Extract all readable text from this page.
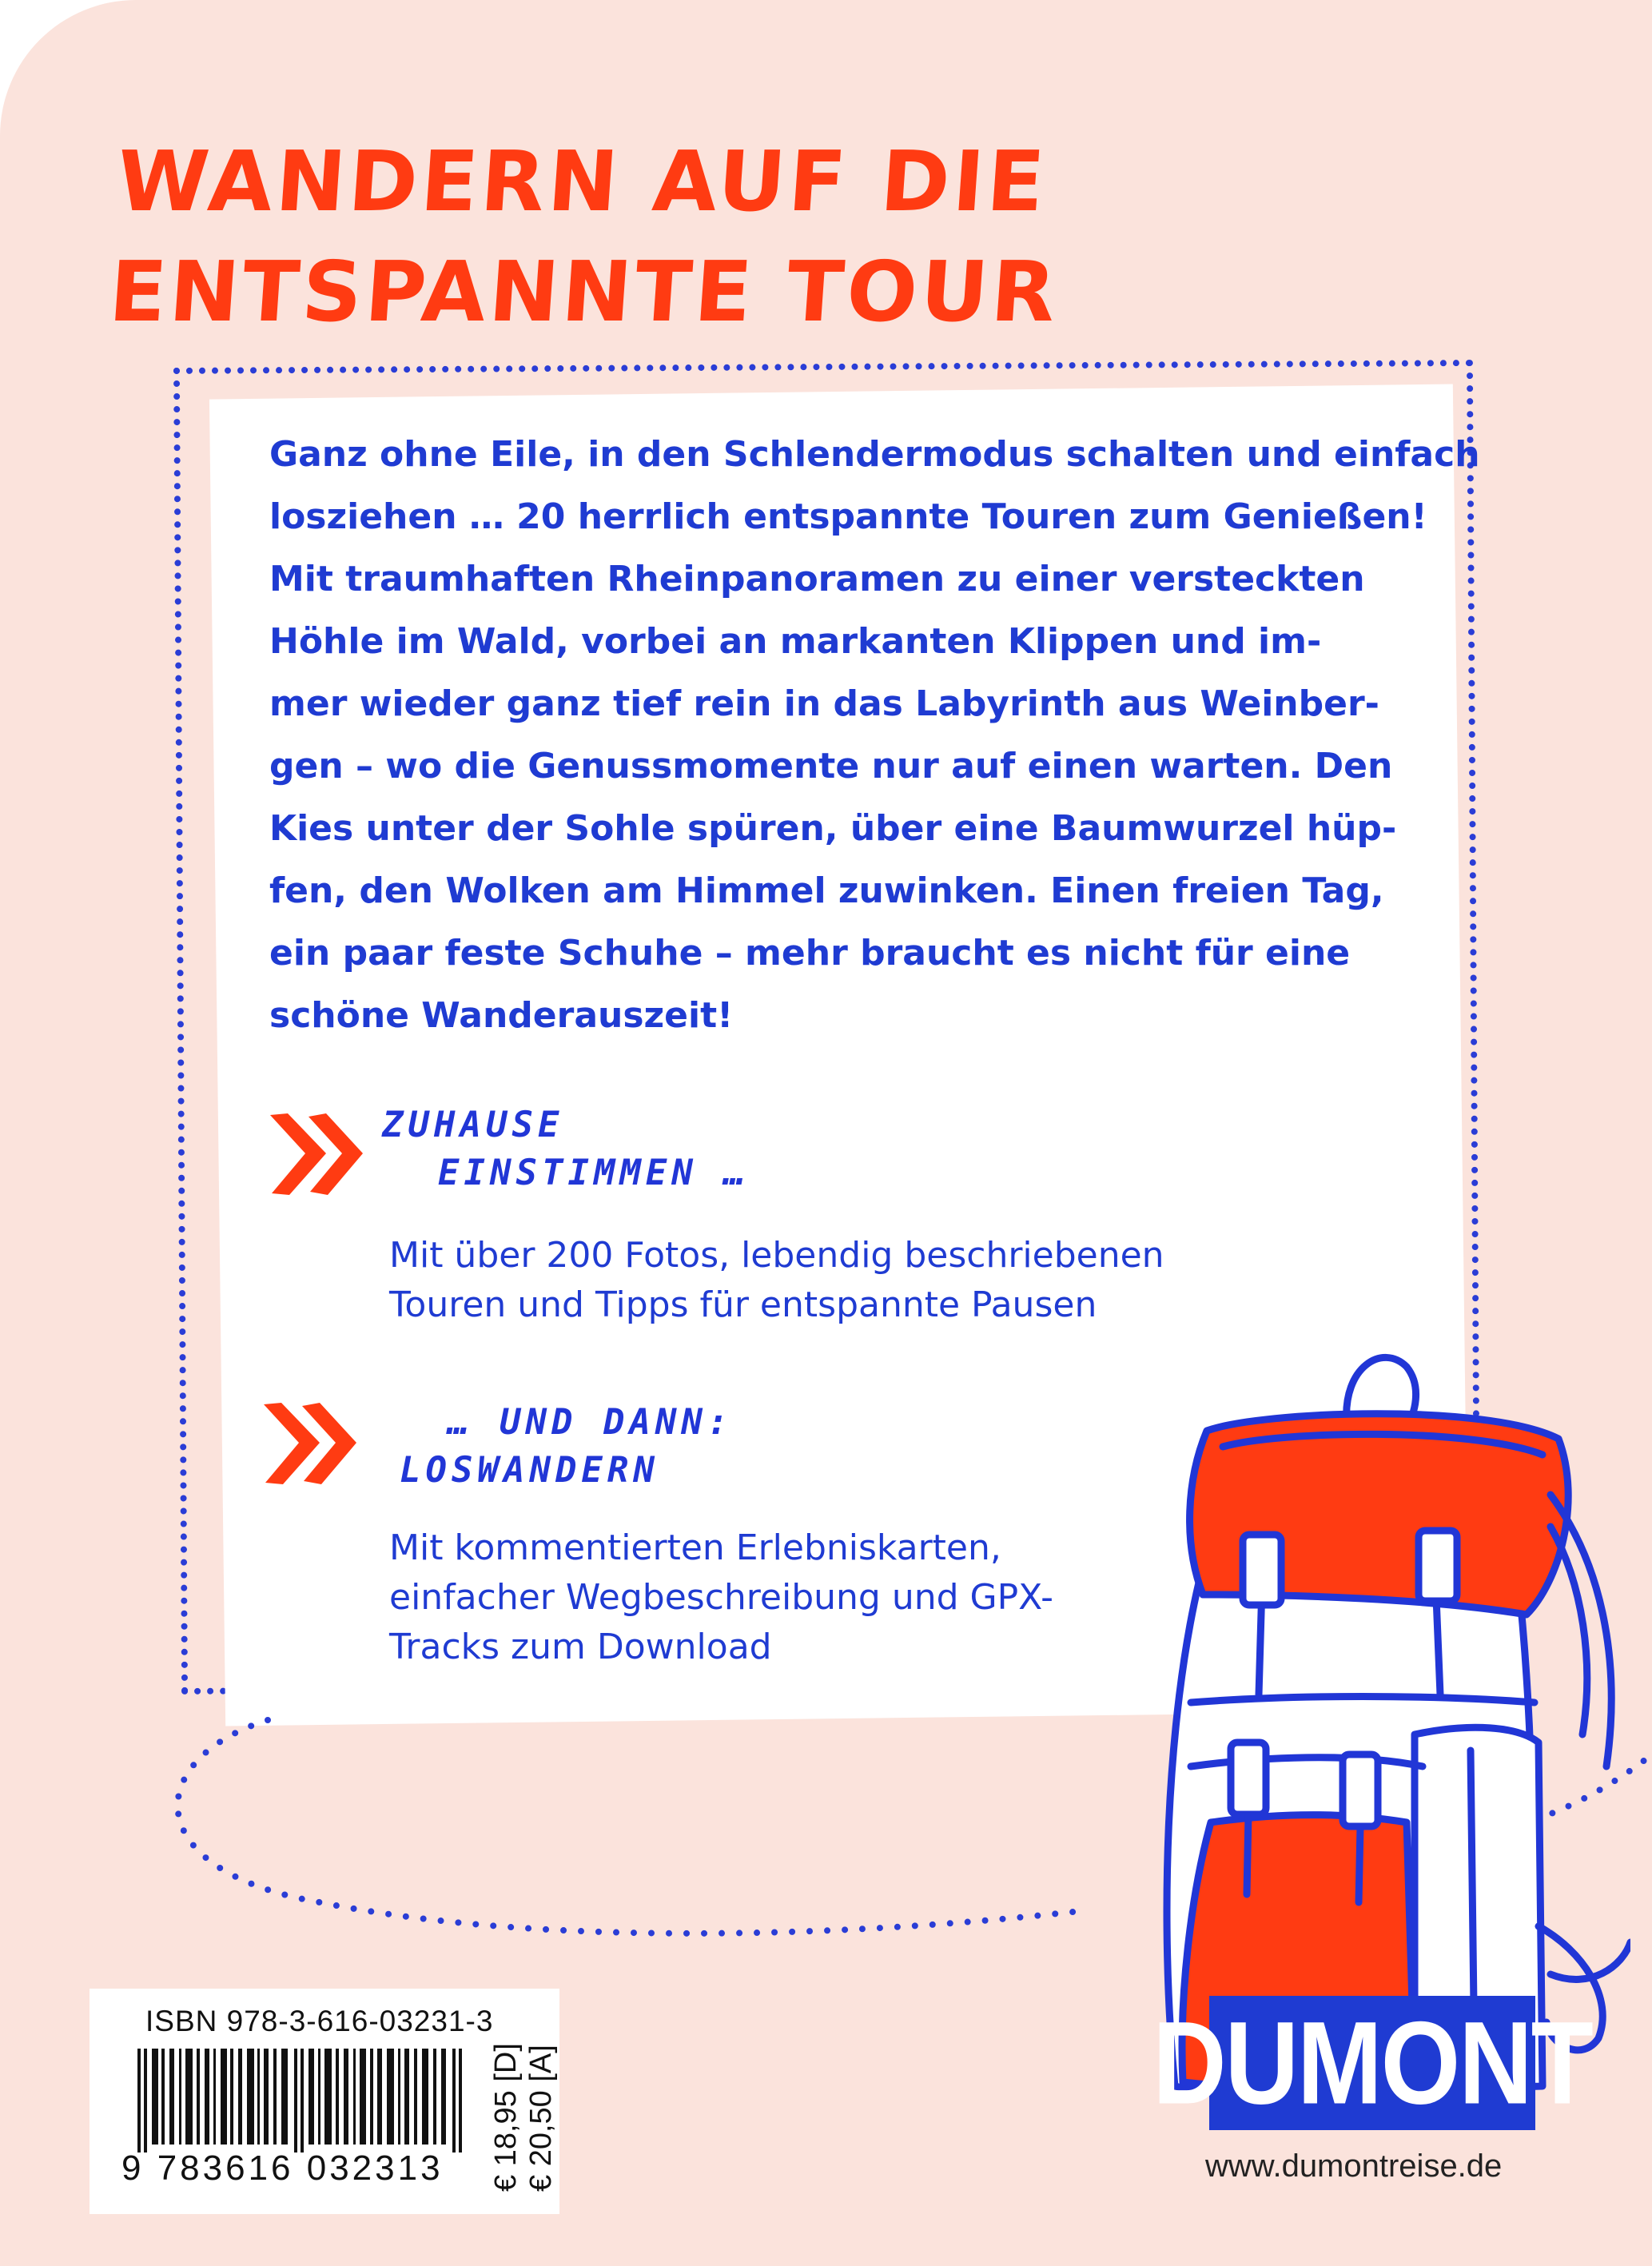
WANDERN AUF DIE
ENTSPANNTE TOUR

Ganz ohne Eile, in den Schlendermodus schalten und einfach
losziehen … 20 herrlich entspannte Touren zum Genießen!
Mit traumhaften Rheinpanoramen zu einer versteckten
Höhle im Wald, vorbei an markanten Klippen und im-
mer wieder ganz tief rein in das Labyrinth aus Weinber-
gen – wo die Genussmomente nur auf einen warten. Den
Kies unter der Sohle spüren, über eine Baumwurzel hüp-
fen, den Wolken am Himmel zuwinken. Einen freien Tag,
ein paar feste Schuhe – mehr braucht es nicht für eine
schöne Wanderauszeit!

ZUHAUSE
EINSTIMMEN …

Mit über 200 Fotos, lebendig beschriebenen
Touren und Tipps für entspannte Pausen

… UND DANN:
LOSWANDERN

Mit kommentierten Erlebniskarten,
einfacher Wegbeschreibung und GPX-
Tracks zum Download

ISBN 978-3-616-03231-3

9 783616 032313 € 18,95 [D] € 20,50 [A]	DUMONT

www.dumontreise.de
